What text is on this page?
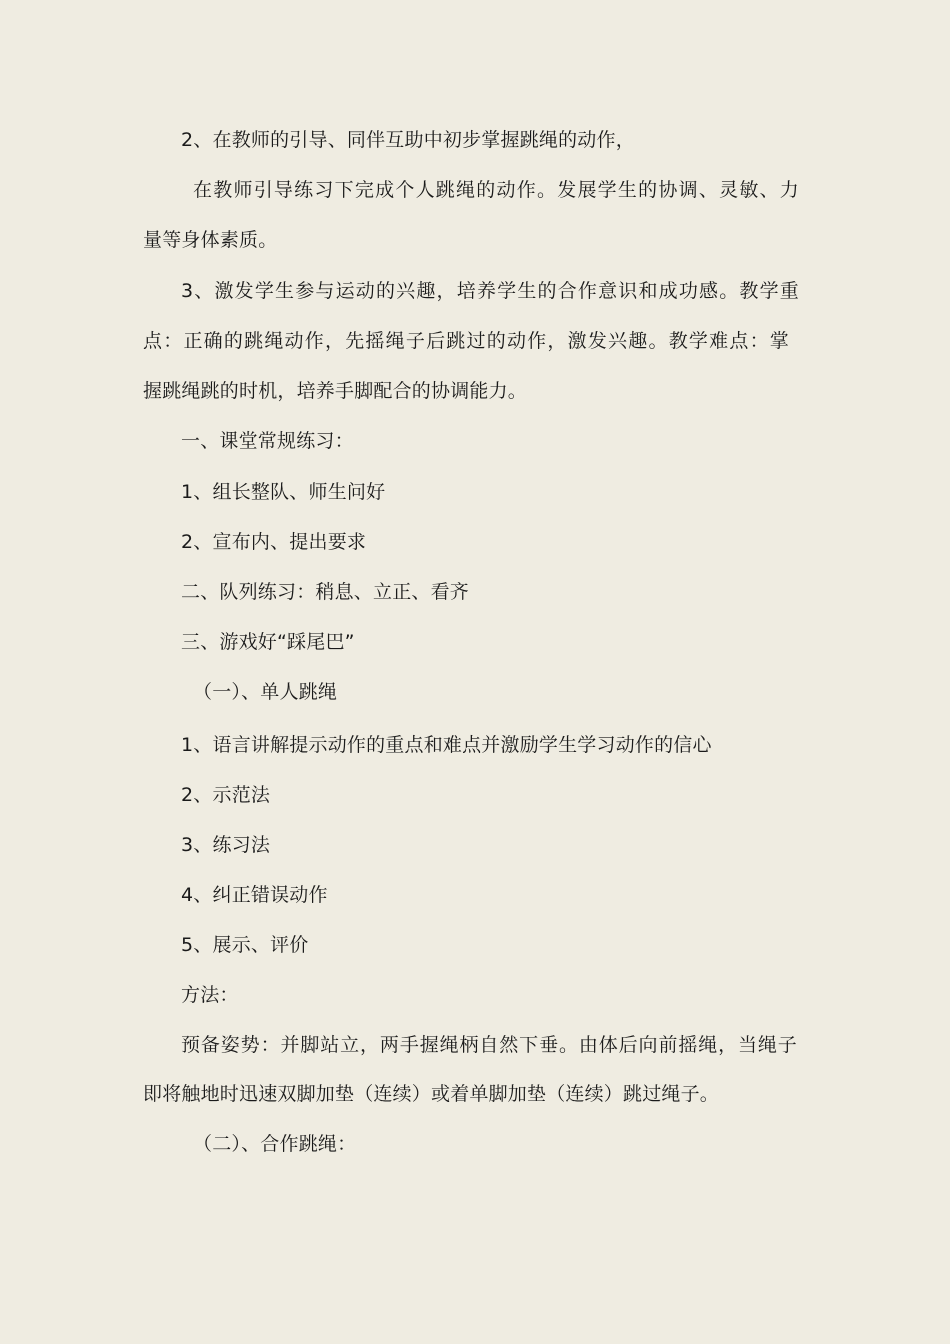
2、在教师的引导、同伴互助中初步掌握跳绳的动作，
在教师引导练习下完成个人跳绳的动作。发展学生的协调、灵敏、力
量等身体素质。
3、激发学生参与运动的兴趣，培养学生的合作意识和成功感。教学重
点：正确的跳绳动作，先摇绳子后跳过的动作，激发兴趣。教学难点：掌
握跳绳跳的时机，培养手脚配合的协调能力。
一、课堂常规练习：
1、组长整队、师生问好
2、宣布内、提出要求
二、队列练习：稍息、立正、看齐
三、游戏好“踩尾巴”
（一）、单人跳绳
1、语言讲解提示动作的重点和难点并激励学生学习动作的信心
2、示范法
3、练习法
4、纠正错误动作
5、展示、评价
方法：
预备姿势：并脚站立，两手握绳柄自然下垂。由体后向前摇绳，当绳子
即将触地时迅速双脚加垫（连续）或着单脚加垫（连续）跳过绳子。
（二）、合作跳绳：
